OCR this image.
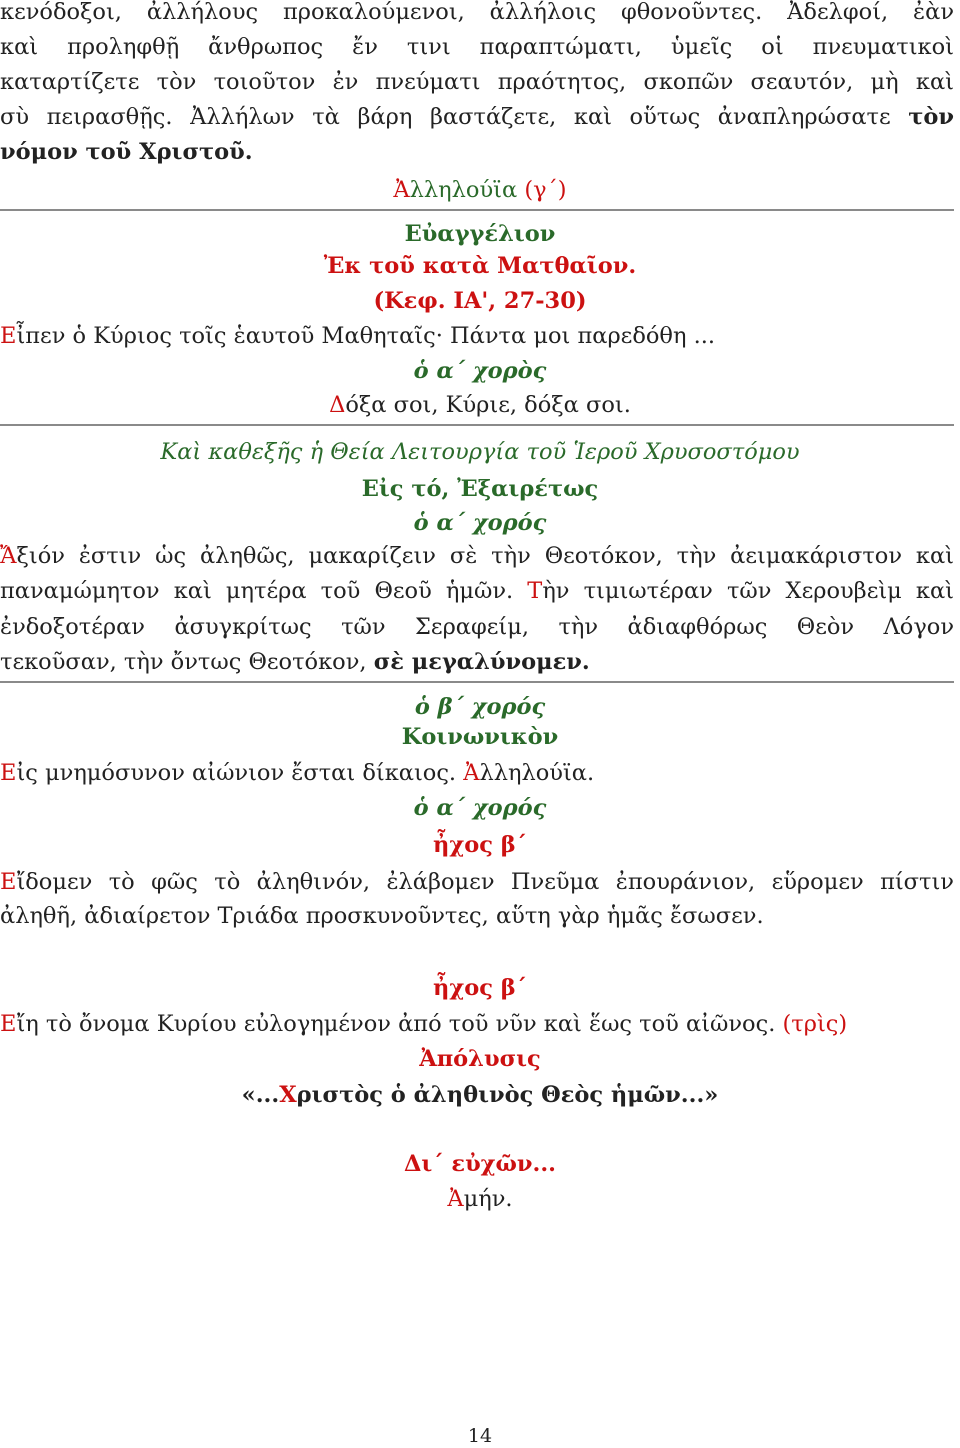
κενόδοξοι, ἀλλήλους προκαλούμενοι, ἀλλήλοις φθονοῦντες. Ἀδελφοί, ἐὰν
καὶ προληφθῇ ἄνθρωπος ἔν τινι παραπτώματι, ὑμεῖς οἱ πνευματικοὶ
καταρτίζετε τὸν τοιοῦτον ἐν πνεύματι πραότητος, σκοπῶν σεαυτόν, μὴ καὶ
σὺ πειρασθῇς. Ἀλλήλων τὰ βάρη βαστάζετε, καὶ οὕτως ἀναπληρώσατε τὸν
νόμον τοῦ Χριστοῦ.
Ἀλληλούϊα (γ΄)
Εὐαγγέλιον
Ἐκ τοῦ κατὰ Ματθαῖον.
(Κεφ. ΙΑ', 27-30)
Εἶπεν ὁ Κύριος τοῖς ἑαυτοῦ Μαθηταῖς· Πάντα μοι παρεδόθη ...
ὁ α΄ χορὸς
Δόξα σοι, Κύριε, δόξα σοι.
Καὶ καθεξῆς ἡ Θεία Λειτουργία τοῦ Ἱεροῦ Χρυσοστόμου
Εἰς τό, Ἐξαιρέτως
ὁ α΄ χορός
Ἄξιόν ἐστιν ὡς ἀληθῶς, μακαρίζειν σὲ τὴν Θεοτόκον, τὴν ἀειμακάριστον καὶ
παναμώμητον καὶ μητέρα τοῦ Θεοῦ ἡμῶν. Τὴν τιμιωτέραν τῶν Χερουβεὶμ καὶ
ἐνδοξοτέραν ἀσυγκρίτως τῶν Σεραφείμ, τὴν ἀδιαφθόρως Θεὸν Λόγον
τεκοῦσαν, τὴν ὄντως Θεοτόκον, σὲ μεγαλύνομεν.
ὁ β΄ χορός
Κοινωνικὸν
Εἰς μνημόσυνον αἰώνιον ἔσται δίκαιος. Ἀλληλούϊα.
ὁ α΄ χορός
ἦχος β΄
Εἴδομεν τὸ φῶς τὸ ἀληθινόν, ἐλάβομεν Πνεῦμα ἐπουράνιον, εὕρομεν πίστιν
ἀληθῆ, ἀδιαίρετον Τριάδα προσκυνοῦντες, αὕτη γὰρ ἡμᾶς ἔσωσεν.
ἦχος β΄
Εἴη τὸ ὄνομα Κυρίου εὐλογημένον ἀπό τοῦ νῦν καὶ ἕως τοῦ αἰῶνος. (τρὶς)
Ἀπόλυσις
«...Χριστὸς ὁ ἀληθινὸς Θεὸς ἡμῶν...»
Δι΄ εὐχῶν...
Ἀμήν.
14
